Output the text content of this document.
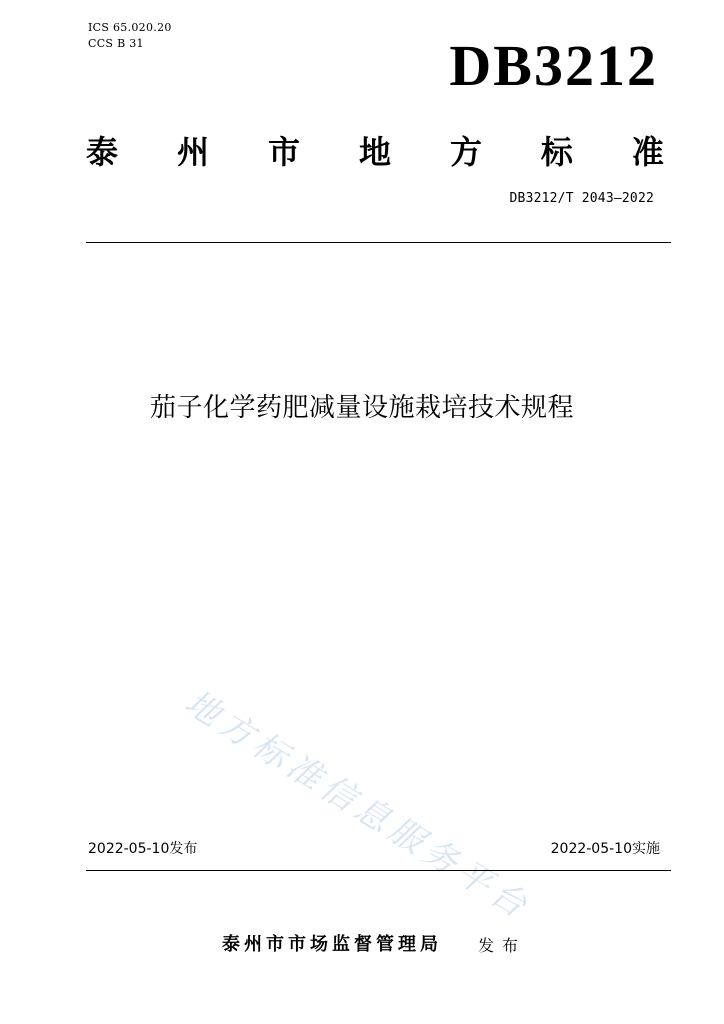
ICS 65.020.20
CCS B 31	DB3212
泰 州 市 地 方 标 准
DB3212/T 2043—2022
茄子化学药肥减量设施栽培技术规程
地方标准信息服务平台
2022-05-10发布	2022-05-10实施
泰州市市场监督管理局 发布
